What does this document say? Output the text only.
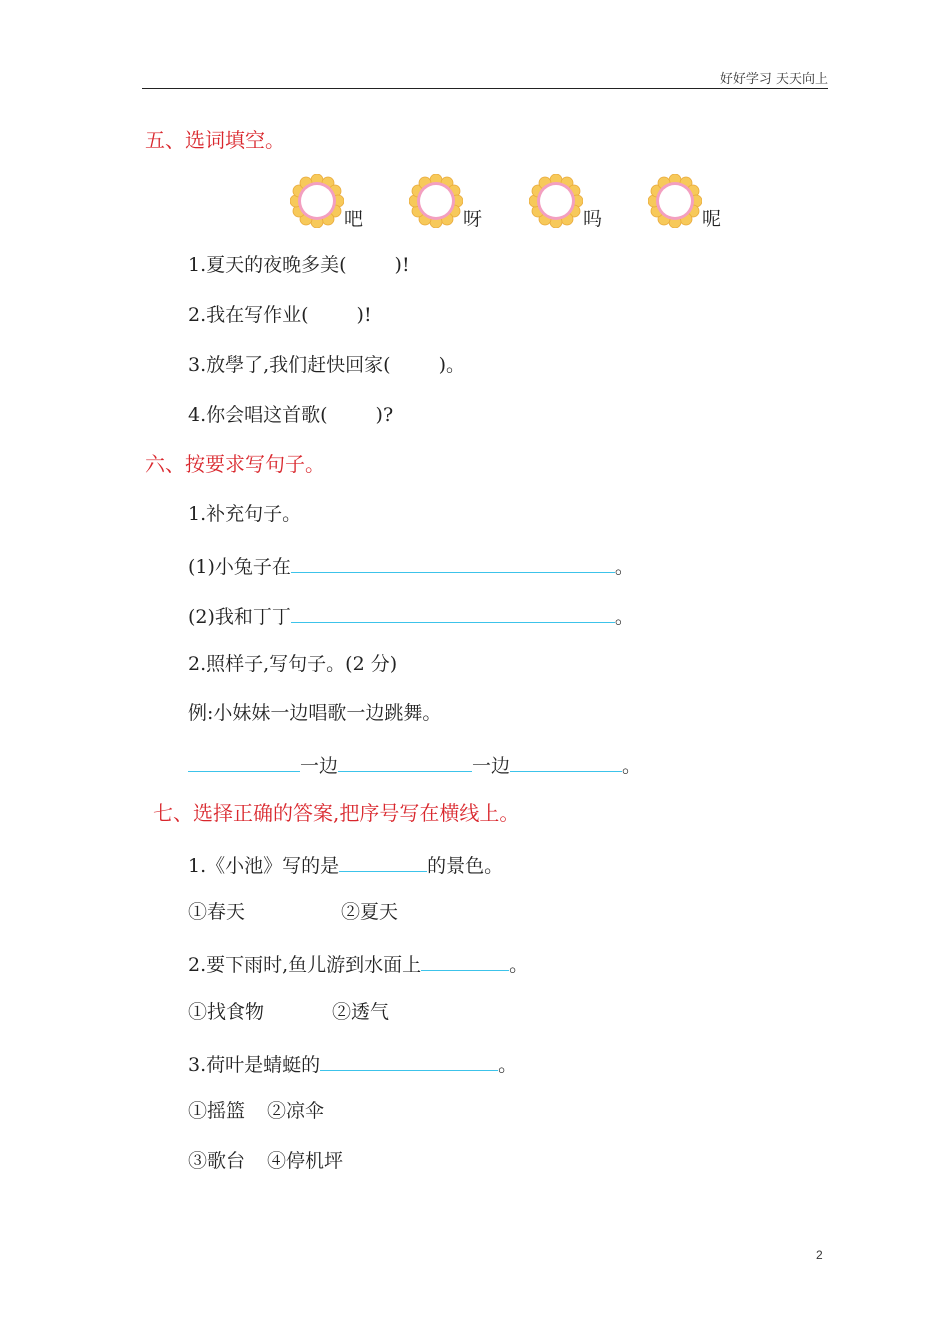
好好学习 天天向上
五、选词填空。
吧	呀	吗	呢
1.夏天的夜晚多美(	)!
2.我在写作业(	)!
3.放學了,我们赶快回家(	)。
4.你会唱这首歌(	)?
六、按要求写句子。
1.补充句子。
(1)小兔子在	。
(2)我和丁丁	。
2.照样子,写句子。(2 分)
例:小妹妹一边唱歌一边跳舞。
一边	一边	。
七、选择正确的答案,把序号写在横线上。
1.《小池》写的是	的景色。
①春天	②夏天
2.要下雨时,鱼儿游到水面上	。
①找食物	②透气
3.荷叶是蜻蜓的	。
①摇篮 ②凉伞
③歌台 ④停机坪
2
